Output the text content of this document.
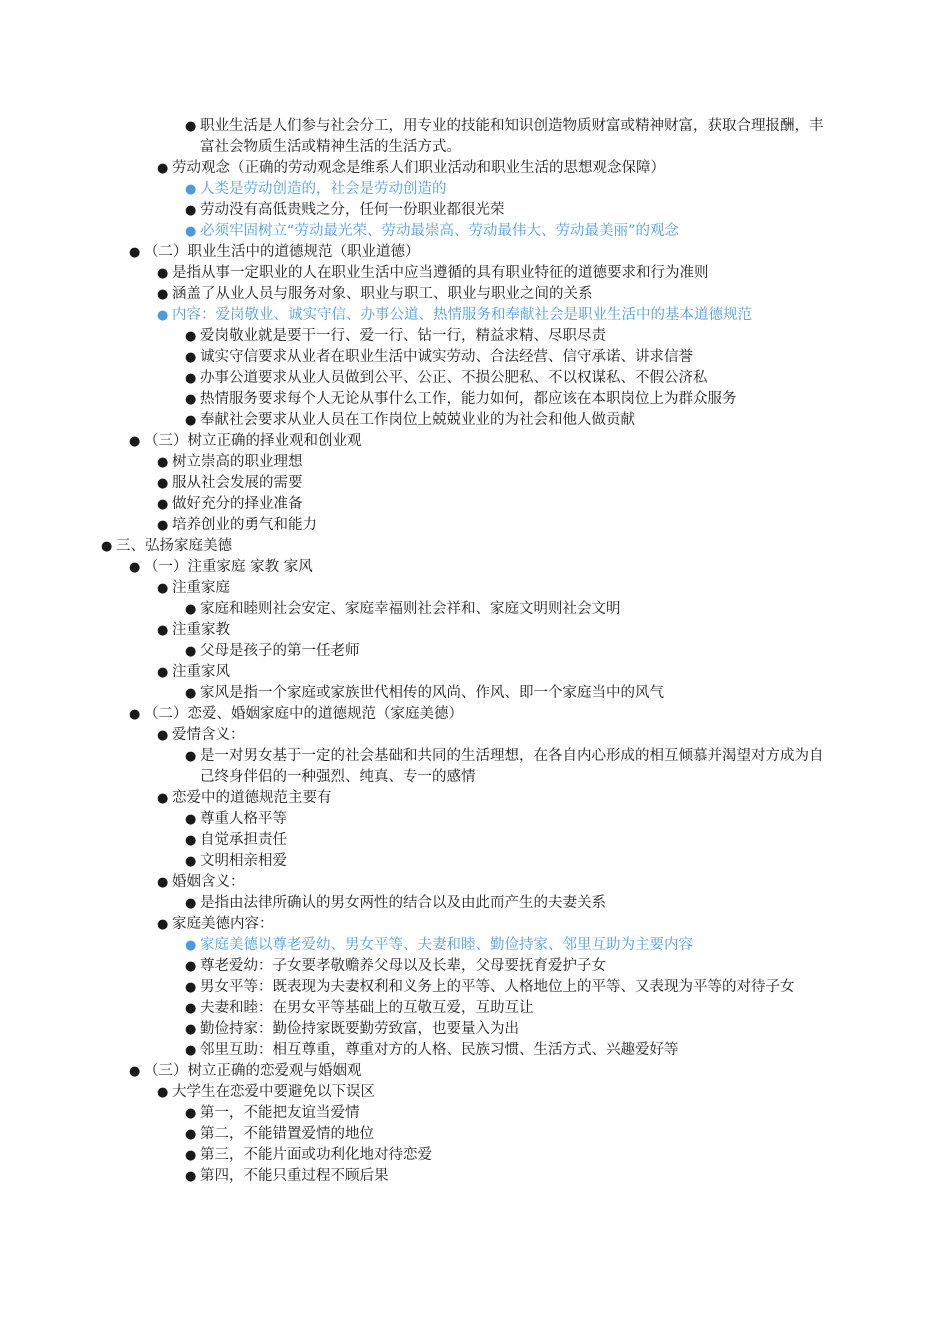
● 职业生活是人们参与社会分工，用专业的技能和知识创造物质财富或精神财富，获取合理报酬，丰富社会物质生活或精神生活的生活方式。
● 劳动观念（正确的劳动观念是维系人们职业活动和职业生活的思想观念保障）
● 人类是劳动创造的，社会是劳动创造的
● 劳动没有高低贵贱之分，任何一份职业都很光荣
● 必须牢固树立“劳动最光荣、劳动最崇高、劳动最伟大、劳动最美丽”的观念
● （二）职业生活中的道德规范（职业道德）
● 是指从事一定职业的人在职业生活中应当遵循的具有职业特征的道德要求和行为准则
● 涵盖了从业人员与服务对象、职业与职工、职业与职业之间的关系
● 内容：爱岗敬业、诚实守信、办事公道、热情服务和奉献社会是职业生活中的基本道德规范
● 爱岗敬业就是要干一行、爱一行、钻一行，精益求精、尽职尽责
● 诚实守信要求从业者在职业生活中诚实劳动、合法经营、信守承诺、讲求信誉
● 办事公道要求从业人员做到公平、公正、不损公肥私、不以权谋私、不假公济私
● 热情服务要求每个人无论从事什么工作，能力如何，都应该在本职岗位上为群众服务
● 奉献社会要求从业人员在工作岗位上兢兢业业的为社会和他人做贡献
● （三）树立正确的择业观和创业观
● 树立崇高的职业理想
● 服从社会发展的需要
● 做好充分的择业准备
● 培养创业的勇气和能力
● 三、弘扬家庭美德
● （一）注重家庭 家教 家风
● 注重家庭
● 家庭和睦则社会安定、家庭幸福则社会祥和、家庭文明则社会文明
● 注重家教
● 父母是孩子的第一任老师
● 注重家风
● 家风是指一个家庭或家族世代相传的风尚、作风、即一个家庭当中的风气
● （二）恋爱、婚姻家庭中的道德规范（家庭美德）
● 爱情含义：
● 是一对男女基于一定的社会基础和共同的生活理想，在各自内心形成的相互倾慕并渴望对方成为自己终身伴侣的一种强烈、纯真、专一的感情
● 恋爱中的道德规范主要有
● 尊重人格平等
● 自觉承担责任
● 文明相亲相爱
● 婚姻含义：
● 是指由法律所确认的男女两性的结合以及由此而产生的夫妻关系
● 家庭美德内容：
● 家庭美德以尊老爱幼、男女平等、夫妻和睦、勤俭持家、邻里互助为主要内容
● 尊老爱幼：子女要孝敬赡养父母以及长辈，父母要抚育爱护子女
● 男女平等：既表现为夫妻权利和义务上的平等、人格地位上的平等、又表现为平等的对待子女
● 夫妻和睦：在男女平等基础上的互敬互爱，互助互让
● 勤俭持家：勤俭持家既要勤劳致富，也要量入为出
● 邻里互助：相互尊重，尊重对方的人格、民族习惯、生活方式、兴趣爱好等
● （三）树立正确的恋爱观与婚姻观
● 大学生在恋爱中要避免以下误区
● 第一，不能把友谊当爱情
● 第二，不能错置爱情的地位
● 第三，不能片面或功利化地对待恋爱
● 第四，不能只重过程不顾后果
